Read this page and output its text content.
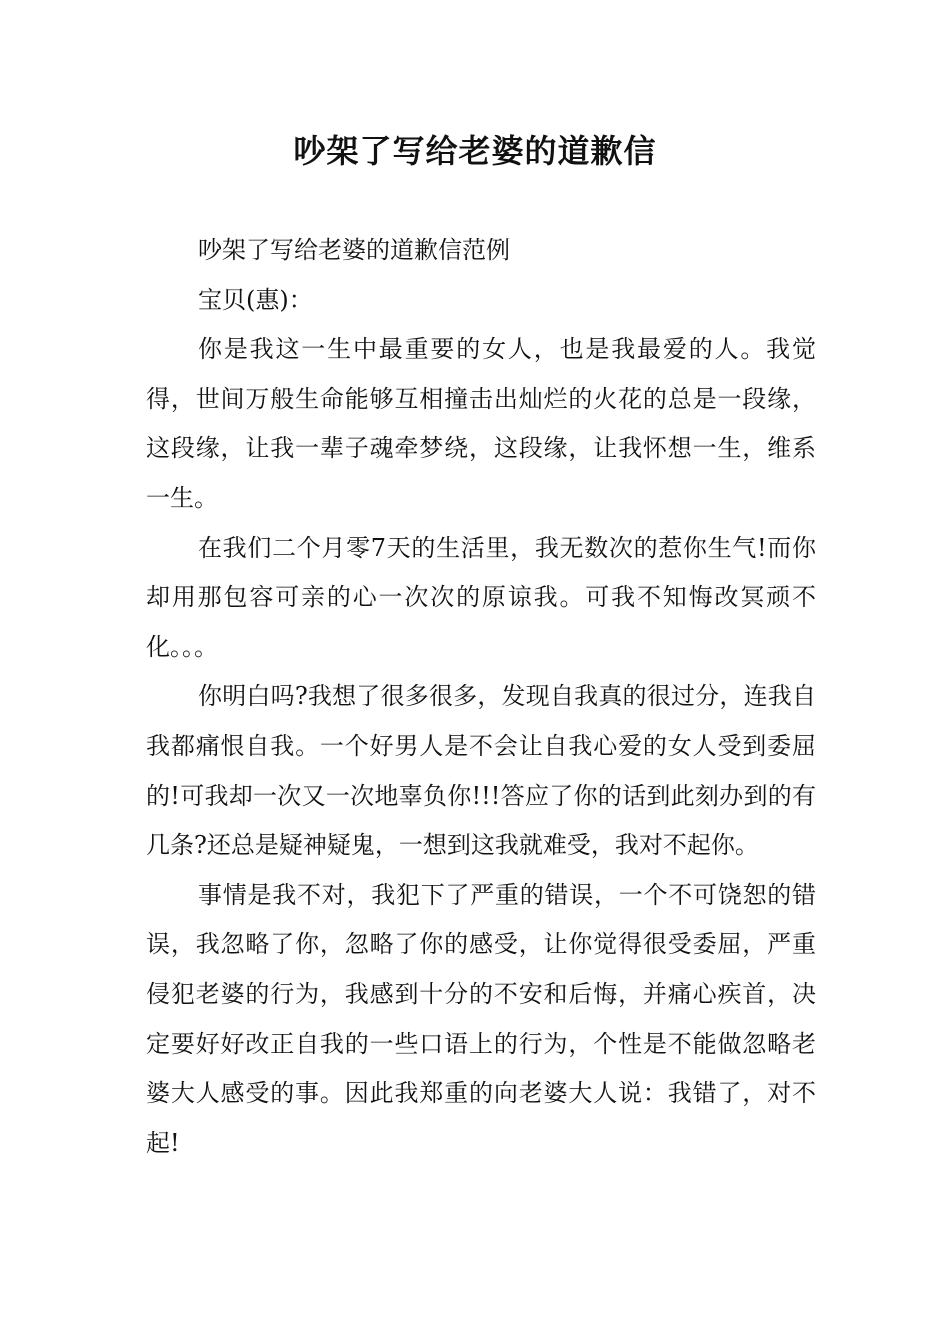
吵架了写给老婆的道歉信

吵架了写给老婆的道歉信范例

宝贝(惠)：

你是我这一生中最重要的女人，也是我最爱的人。我觉得，世间万般生命能够互相撞击出灿烂的火花的总是一段缘，这段缘，让我一辈子魂牵梦绕，这段缘，让我怀想一生，维系一生。

在我们二个月零7天的生活里，我无数次的惹你生气!而你却用那包容可亲的心一次次的原谅我。可我不知悔改冥顽不化。。。

你明白吗?我想了很多很多，发现自我真的很过分，连我自我都痛恨自我。一个好男人是不会让自我心爱的女人受到委屈的!可我却一次又一次地辜负你!!!答应了你的话到此刻办到的有几条?还总是疑神疑鬼，一想到这我就难受，我对不起你。

事情是我不对，我犯下了严重的错误，一个不可饶恕的错误，我忽略了你，忽略了你的感受，让你觉得很受委屈，严重侵犯老婆的行为，我感到十分的不安和后悔，并痛心疾首，决定要好好改正自我的一些口语上的行为，个性是不能做忽略老婆大人感受的事。因此我郑重的向老婆大人说：我错了，对不起!
